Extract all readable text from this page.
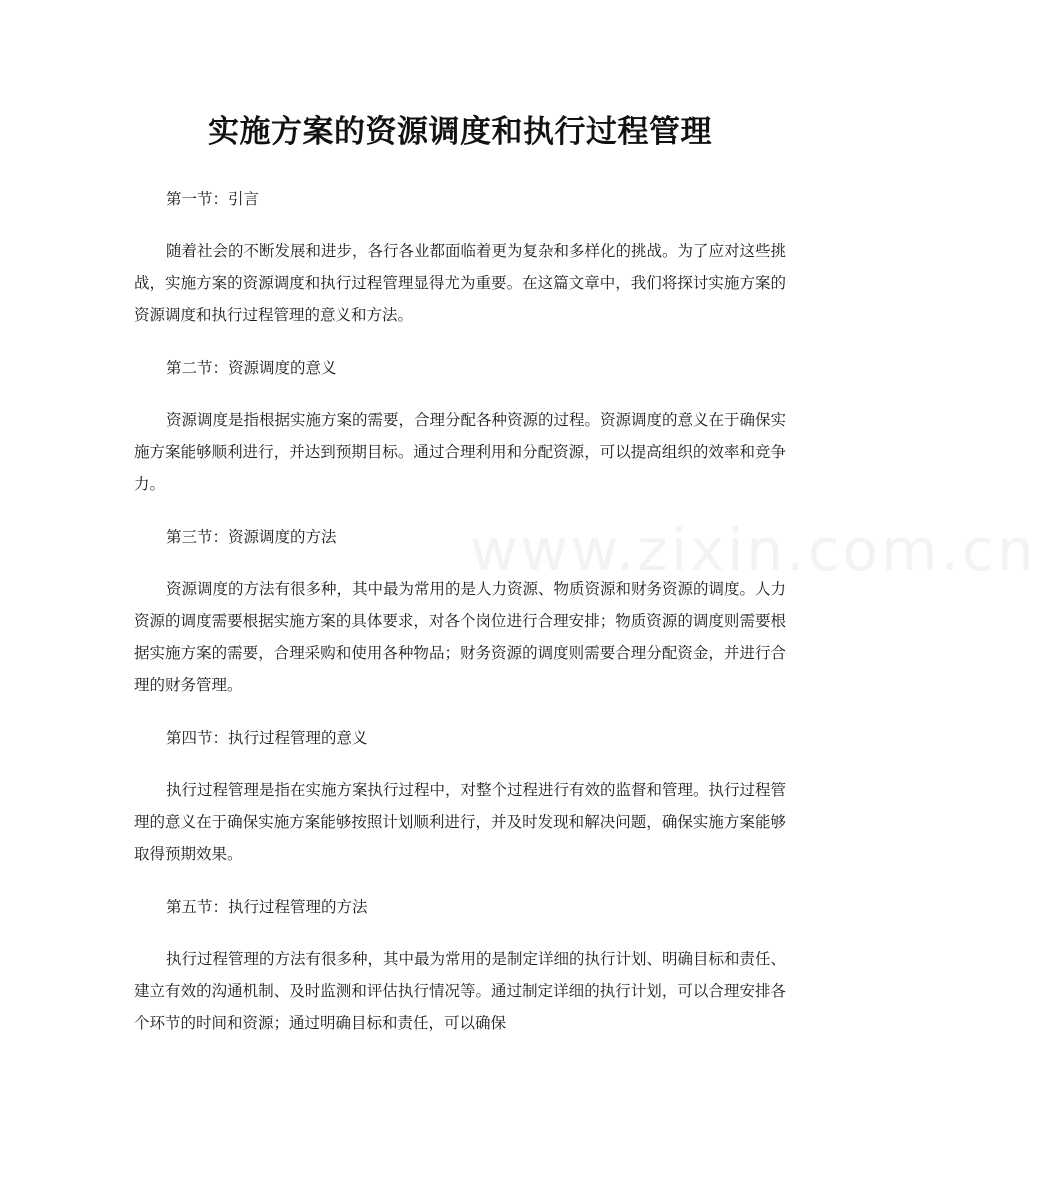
www.zixin.com.cn
实施方案的资源调度和执行过程管理

第一节：引言

随着社会的不断发展和进步，各行各业都面临着更为复杂和多样化的挑战。为了应对这些挑战，实施方案的资源调度和执行过程管理显得尤为重要。在这篇文章中，我们将探讨实施方案的资源调度和执行过程管理的意义和方法。

第二节：资源调度的意义

资源调度是指根据实施方案的需要，合理分配各种资源的过程。资源调度的意义在于确保实施方案能够顺利进行，并达到预期目标。通过合理利用和分配资源，可以提高组织的效率和竞争力。

第三节：资源调度的方法

资源调度的方法有很多种，其中最为常用的是人力资源、物质资源和财务资源的调度。人力资源的调度需要根据实施方案的具体要求，对各个岗位进行合理安排；物质资源的调度则需要根据实施方案的需要，合理采购和使用各种物品；财务资源的调度则需要合理分配资金，并进行合理的财务管理。

第四节：执行过程管理的意义

执行过程管理是指在实施方案执行过程中，对整个过程进行有效的监督和管理。执行过程管理的意义在于确保实施方案能够按照计划顺利进行，并及时发现和解决问题，确保实施方案能够取得预期效果。

第五节：执行过程管理的方法

执行过程管理的方法有很多种，其中最为常用的是制定详细的执行计划、明确目标和责任、建立有效的沟通机制、及时监测和评估执行情况等。通过制定详细的执行计划，可以合理安排各个环节的时间和资源；通过明确目标和责任，可以确保
